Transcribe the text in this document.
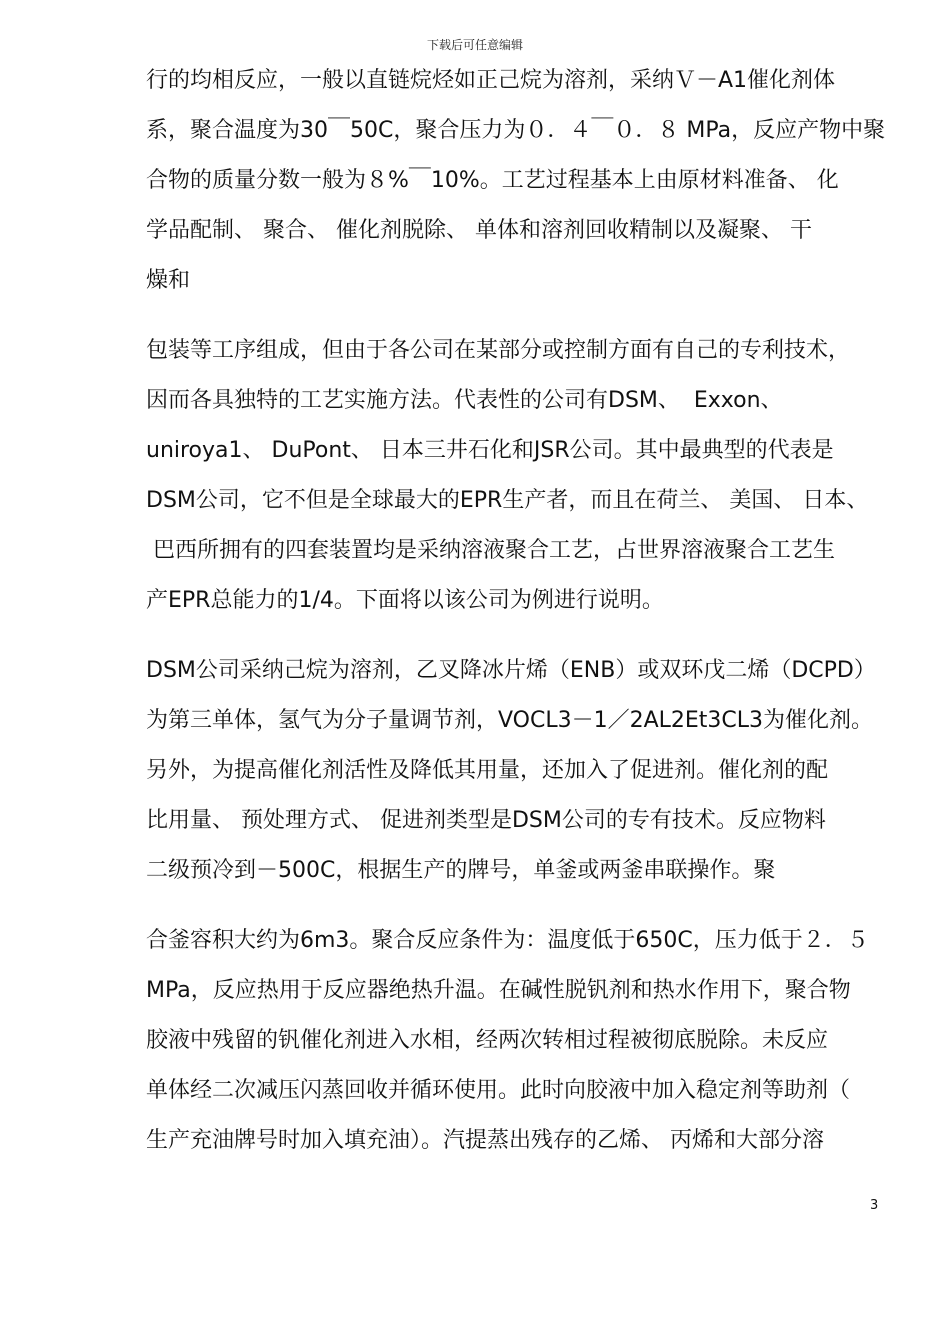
下载后可任意编辑
行的均相反应，一般以直链烷烃如正己烷为溶剂，采纳Ｖ－A1催化剂体
系，聚合温度为30￣50C，聚合压力为０．４￣０．８ MPa，反应产物中聚
合物的质量分数一般为８%￣10%。工艺过程基本上由原材料准备、 化
学品配制、 聚合、 催化剂脱除、 单体和溶剂回收精制以及凝聚、 干
燥和
包装等工序组成，但由于各公司在某部分或控制方面有自己的专利技术，
因而各具独特的工艺实施方法。代表性的公司有DSM、  Exxon、
uniroya1、 DuPont、 日本三井石化和JSR公司。其中最典型的代表是
DSM公司，它不但是全球最大的EPR生产者，而且在荷兰、 美国、 日本、
巴西所拥有的四套装置均是采纳溶液聚合工艺，占世界溶液聚合工艺生
产EPR总能力的1/4。下面将以该公司为例进行说明。
DSM公司采纳己烷为溶剂，乙叉降冰片烯（ENB）或双环戊二烯（DCPD）
为第三单体，氢气为分子量调节剂，VOCL3－1／2AL2Et3CL3为催化剂。
另外，为提高催化剂活性及降低其用量，还加入了促进剂。催化剂的配
比用量、 预处理方式、 促进剂类型是DSM公司的专有技术。反应物料
二级预冷到－500C，根据生产的牌号，单釜或两釜串联操作。聚
合釜容积大约为6m3。聚合反应条件为：温度低于650C，压力低于２．５
MPa，反应热用于反应器绝热升温。在碱性脱钒剂和热水作用下，聚合物
胶液中残留的钒催化剂进入水相，经两次转相过程被彻底脱除。未反应
单体经二次减压闪蒸回收并循环使用。此时向胶液中加入稳定剂等助剂（
生产充油牌号时加入填充油）。汽提蒸出残存的乙烯、 丙烯和大部分溶
3
